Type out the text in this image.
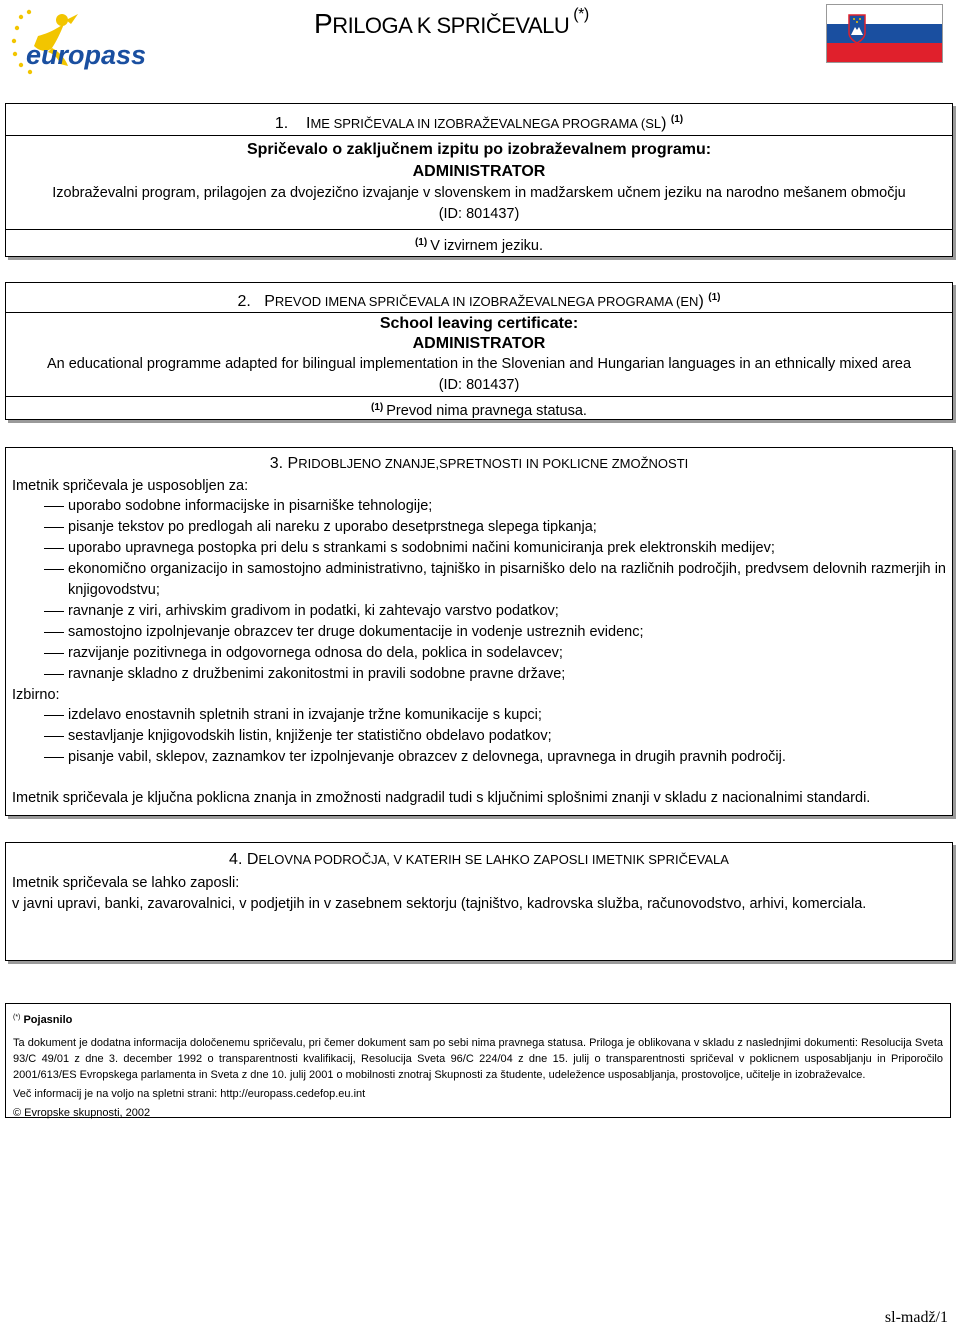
europass
PRILOGA K SPRIČEVALU (*)
1. IME SPRIČEVALA IN IZOBRAŽEVALNEGA PROGRAMA (SL) $^{(1)}$
Spričevalo o zaključnem izpitu po izobraževalnem programu:
ADMINISTRATOR
Izobraževalni program, prilagojen za dvojezično izvajanje v slovenskem in madžarskem učnem jeziku na narodno mešanem območju
(ID: 801437)
$^{(1)}$ V izvirnem jeziku.
2. PREVOD IMENA SPRIČEVALA IN IZOBRAŽEVALNEGA PROGRAMA (EN) $^{(1)}$
School leaving certificate:
ADMINISTRATOR
An educational programme adapted for bilingual implementation in the Slovenian and Hungarian languages in an ethnically mixed area
(ID: 801437)
$^{(1)}$ Prevod nima pravnega statusa.
3. PRIDOBLJENO ZNANJE,SPRETNOSTI IN POKLICNE ZMOŽNOSTI
Imetnik spričevala je usposobljen za:
uporabo sodobne informacijske in pisarniške tehnologije;
pisanje tekstov po predlogah ali nareku z uporabo desetprstnega slepega tipkanja;
uporabo upravnega postopka pri delu s strankami s sodobnimi načini komuniciranja prek elektronskih medijev;
ekonomično organizacijo in samostojno administrativno, tajniško in pisarniško delo na različnih področjih, predvsem delovnih razmerjih in knjigovodstvu;
ravnanje z viri, arhivskim gradivom in podatki, ki zahtevajo varstvo podatkov;
samostojno izpolnjevanje obrazcev ter druge dokumentacije in vodenje ustreznih evidenc;
razvijanje pozitivnega in odgovornega odnosa do dela, poklica in sodelavcev;
ravnanje skladno z družbenimi zakonitostmi in pravili sodobne pravne države;
Izbirno:
izdelavo enostavnih spletnih strani in izvajanje tržne komunikacije s kupci;
sestavljanje knjigovodskih listin, knjiženje ter statistično obdelavo podatkov;
pisanje vabil, sklepov, zaznamkov ter izpolnjevanje obrazcev z delovnega, upravnega in drugih pravnih področij.
Imetnik spričevala je ključna poklicna znanja in zmožnosti nadgradil tudi s ključnimi splošnimi znanji v skladu z nacionalnimi standardi.
4. DELOVNA PODROČJA, V KATERIH SE LAHKO ZAPOSLI IMETNIK SPRIČEVALA
Imetnik spričevala se lahko zaposli:
v javni upravi, banki, zavarovalnici, v podjetjih in v zasebnem sektorju (tajništvo, kadrovska služba, računovodstvo, arhivi, komerciala.

(*) Pojasnilo

Ta dokument je dodatna informacija določenemu spričevalu, pri čemer dokument sam po sebi nima pravnega statusa. Priloga je oblikovana v skladu z naslednjimi dokumenti: Resolucija Sveta 93/C 49/01 z dne 3. december 1992 o transparentnosti kvalifikacij, Resolucija Sveta 96/C 224/04 z dne 15. julij o transparentnosti spričeval v poklicnem usposabljanju in Priporočilo 2001/613/ES Evropskega parlamenta in Sveta z dne 10. julij 2001 o mobilnosti znotraj Skupnosti za študente, udeležence usposabljanja, prostovoljce, učitelje in izobraževalce.

Več informacij je na voljo na spletni strani: http://europass.cedefop.eu.int

© Evropske skupnosti, 2002

sl-madž/1
